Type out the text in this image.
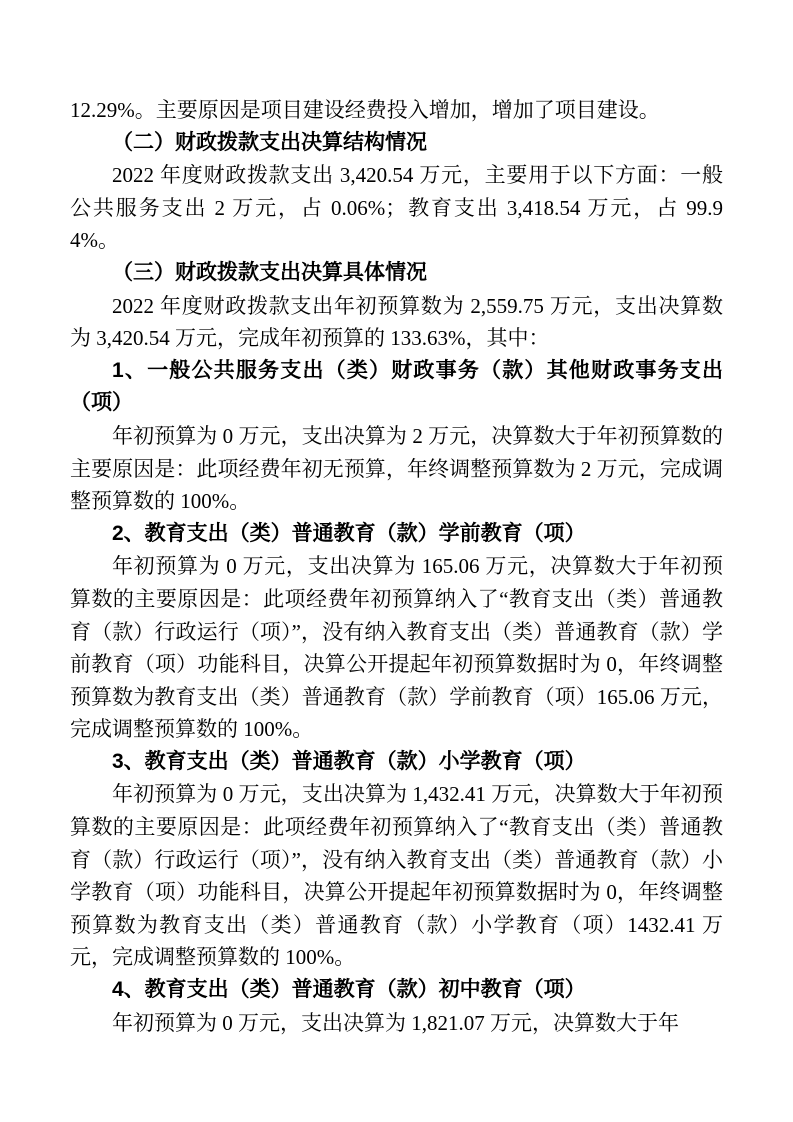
12.29%。主要原因是项目建设经费投入增加，增加了项目建设。

（二）财政拨款支出决算结构情况

2022 年度财政拨款支出 3,420.54 万元，主要用于以下方面：一般公共服务支出 2 万元，占 0.06%；教育支出 3,418.54 万元，占 99.94%。

（三）财政拨款支出决算具体情况

2022 年度财政拨款支出年初预算数为 2,559.75 万元，支出决算数为 3,420.54 万元，完成年初预算的 133.63%，其中：

1、一般公共服务支出（类）财政事务（款）其他财政事务支出（项）

年初预算为 0 万元，支出决算为 2 万元，决算数大于年初预算数的主要原因是：此项经费年初无预算，年终调整预算数为 2 万元，完成调整预算数的 100%。

2、教育支出（类）普通教育（款）学前教育（项）

年初预算为 0 万元，支出决算为 165.06 万元，决算数大于年初预算数的主要原因是：此项经费年初预算纳入了“教育支出（类）普通教育（款）行政运行（项）”，没有纳入教育支出（类）普通教育（款）学前教育（项）功能科目，决算公开提起年初预算数据时为 0，年终调整预算数为教育支出（类）普通教育（款）学前教育（项）165.06 万元，完成调整预算数的 100%。

3、教育支出（类）普通教育（款）小学教育（项）

年初预算为 0 万元，支出决算为 1,432.41 万元，决算数大于年初预算数的主要原因是：此项经费年初预算纳入了“教育支出（类）普通教育（款）行政运行（项）”，没有纳入教育支出（类）普通教育（款）小学教育（项）功能科目，决算公开提起年初预算数据时为 0，年终调整预算数为教育支出（类）普通教育（款）小学教育（项）1432.41 万元，完成调整预算数的 100%。

4、教育支出（类）普通教育（款）初中教育（项）

年初预算为 0 万元，支出决算为 1,821.07 万元，决算数大于年
